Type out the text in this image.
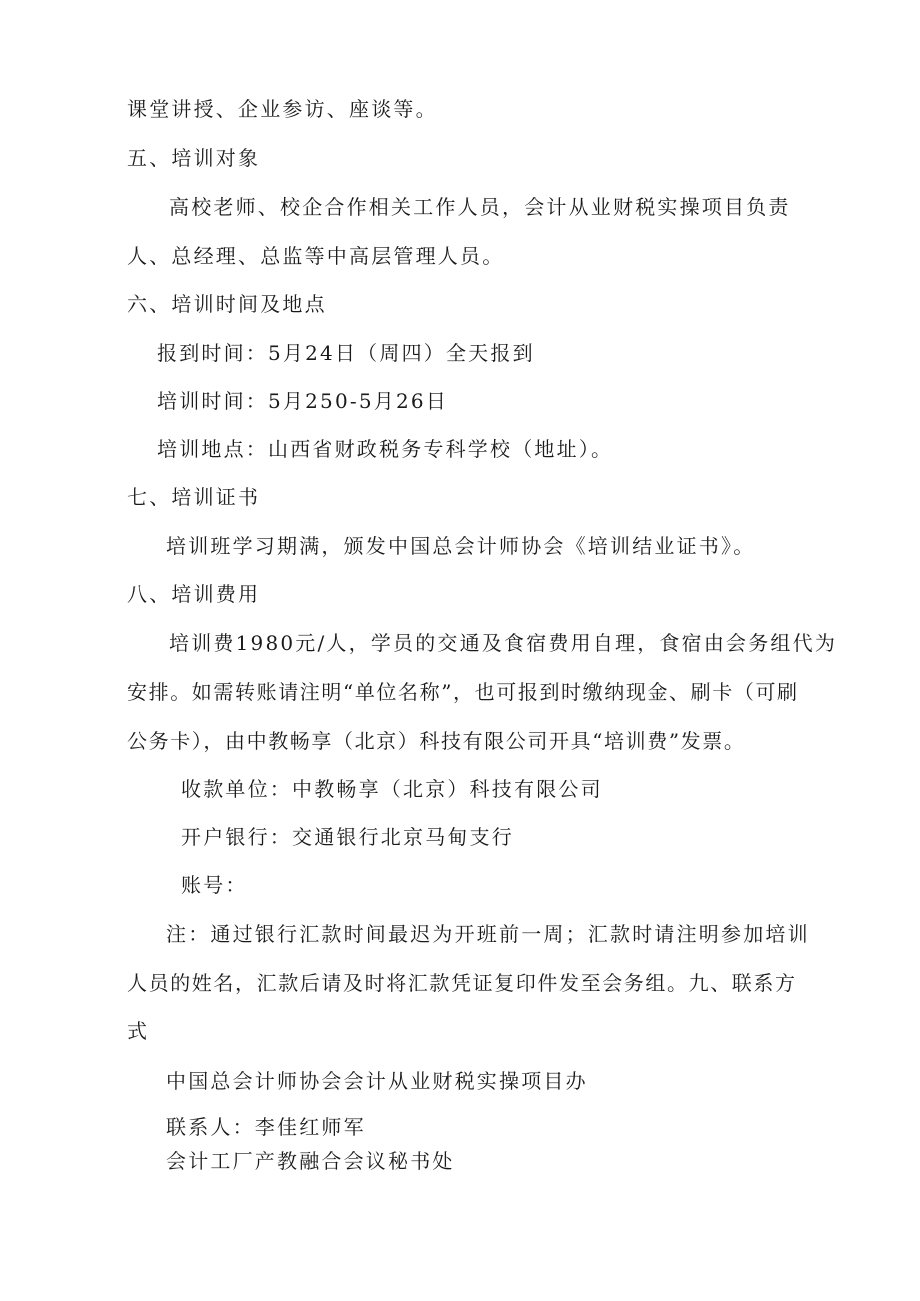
课堂讲授、企业参访、座谈等。
五、培训对象
高校老师、校企合作相关工作人员，会计从业财税实操项目负责
人、总经理、总监等中高层管理人员。
六、培训时间及地点
报到时间：5月24日（周四）全天报到
培训时间：5月250-5月26日
培训地点：山西省财政税务专科学校（地址）。
七、培训证书
培训班学习期满，颁发中国总会计师协会《培训结业证书》。
八、培训费用
培训费1980元/人，学员的交通及食宿费用自理，食宿由会务组代为
安排。如需转账请注明“单位名称”，也可报到时缴纳现金、刷卡（可刷
公务卡），由中教畅享（北京）科技有限公司开具“培训费”发票。
收款单位：中教畅享（北京）科技有限公司
开户银行：交通银行北京马甸支行
账号：
注：通过银行汇款时间最迟为开班前一周；汇款时请注明参加培训
人员的姓名，汇款后请及时将汇款凭证复印件发至会务组。九、联系方
式
中国总会计师协会会计从业财税实操项目办
联系人：李佳红师军
会计工厂产教融合会议秘书处
